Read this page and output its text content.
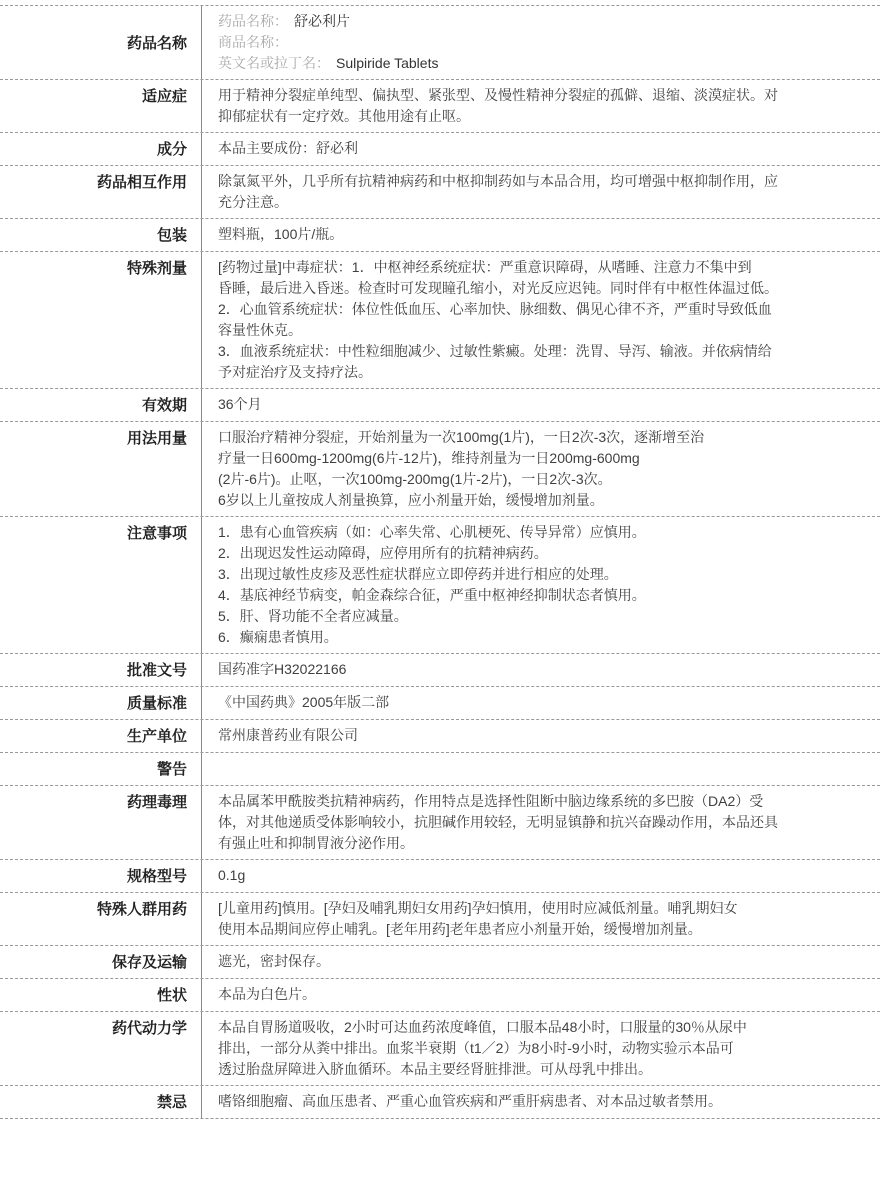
药品名称
药品名称： 舒必利片
商品名称：
英文名或拉丁名： Sulpiride Tablets
适应症	用于精神分裂症单纯型、偏执型、紧张型、及慢性精神分裂症的孤僻、退缩、淡漠症状。对
抑郁症状有一定疗效。其他用途有止呕。
成分	本品主要成份：舒必利
药品相互作用	除氯氮平外，几乎所有抗精神病药和中枢抑制药如与本品合用，均可增强中枢抑制作用，应
充分注意。
包装	塑料瓶，100片/瓶。
特殊剂量	[药物过量]中毒症状：1．中枢神经系统症状：严重意识障碍，从嗜睡、注意力不集中到
昏睡，最后进入昏迷。检查时可发现瞳孔缩小，对光反应迟钝。同时伴有中枢性体温过低。
2．心血管系统症状：体位性低血压、心率加快、脉细数、偶见心律不齐，严重时导致低血
容量性休克。
3．血液系统症状：中性粒细胞减少、过敏性紫癜。处理：洗胃、导泻、输液。并依病情给
予对症治疗及支持疗法。
有效期	36个月
用法用量	口服治疗精神分裂症，开始剂量为一次100mg(1片)，一日2次-3次，逐渐增至治
疗量一日600mg-1200mg(6片-12片)，维持剂量为一日200mg-600mg
(2片-6片)。止呕，一次100mg-200mg(1片-2片)，一日2次-3次。
6岁以上儿童按成人剂量换算，应小剂量开始，缓慢增加剂量。
注意事项	1．患有心血管疾病（如：心率失常、心肌梗死、传导异常）应慎用。
2．出现迟发性运动障碍，应停用所有的抗精神病药。
3．出现过敏性皮疹及恶性症状群应立即停药并进行相应的处理。
4．基底神经节病变，帕金森综合征，严重中枢神经抑制状态者慎用。
5．肝、肾功能不全者应减量。
6．癫痫患者慎用。
批准文号	国药准字H32022166
质量标准	《中国药典》2005年版二部
生产单位	常州康普药业有限公司
警告
药理毒理	本品属苯甲酰胺类抗精神病药，作用特点是选择性阻断中脑边缘系统的多巴胺（DA2）受
体，对其他递质受体影响较小，抗胆碱作用较轻，无明显镇静和抗兴奋躁动作用，本品还具
有强止吐和抑制胃液分泌作用。
规格型号	0.1g
特殊人群用药	[儿童用药]慎用。[孕妇及哺乳期妇女用药]孕妇慎用，使用时应减低剂量。哺乳期妇女
使用本品期间应停止哺乳。[老年用药]老年患者应小剂量开始，缓慢增加剂量。
保存及运输	遮光，密封保存。
性状	本品为白色片。
药代动力学	本品自胃肠道吸收，2小时可达血药浓度峰值，口服本品48小时，口服量的30％从尿中
排出，一部分从粪中排出。血浆半衰期（t1／2）为8小时-9小时，动物实验示本品可
透过胎盘屏障进入脐血循环。本品主要经肾脏排泄。可从母乳中排出。
禁忌	嗜铬细胞瘤、高血压患者、严重心血管疾病和严重肝病患者、对本品过敏者禁用。
